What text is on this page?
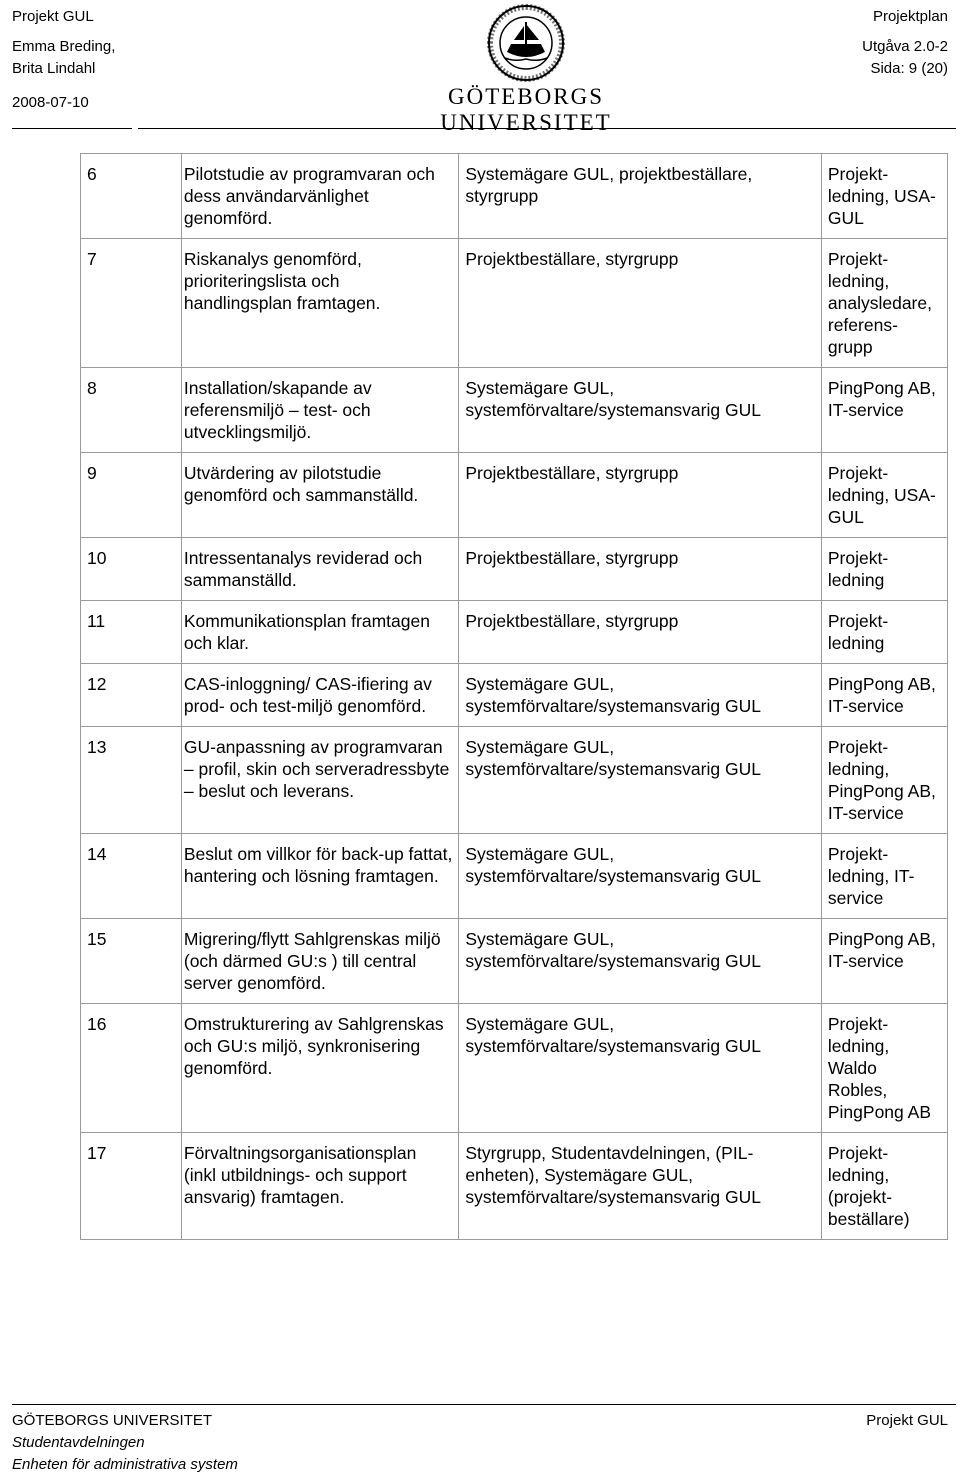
Projekt GUL
Emma Breding,
Brita Lindahl
2008-07-10	GÖTEBORGS UNIVERSITET
Projektplan
Utgåva 2.0-2
Sida: 9 (20)
6	Pilotstudie av programvaran och dess användarvänlighet genomförd.	Systemägare GUL, projektbeställare, styrgrupp	Projekt-ledning, USA-GUL
7	Riskanalys genomförd, prioriteringslista och handlingsplan framtagen.	Projektbeställare, styrgrupp	Projekt-ledning, analysledare, referens-grupp
8	Installation/skapande av referensmiljö – test- och utvecklingsmiljö.	Systemägare GUL, systemförvaltare/systemansvarig GUL	PingPong AB, IT-service
9	Utvärdering av pilotstudie genomförd och sammanställd.	Projektbeställare, styrgrupp	Projekt-ledning, USA-GUL
10	Intressentanalys reviderad och sammanställd.	Projektbeställare, styrgrupp	Projekt-ledning
11	Kommunikationsplan framtagen och klar.	Projektbeställare, styrgrupp	Projekt-ledning
12	CAS-inloggning/ CAS-ifiering av prod- och test-miljö genomförd.	Systemägare GUL, systemförvaltare/systemansvarig GUL	PingPong AB, IT-service
13	GU-anpassning av programvaran – profil, skin och serveradressbyte – beslut och leverans.	Systemägare GUL, systemförvaltare/systemansvarig GUL	Projekt-ledning, PingPong AB, IT-service
14	Beslut om villkor för back-up fattat, hantering och lösning framtagen.	Systemägare GUL, systemförvaltare/systemansvarig GUL	Projekt-ledning, IT-service
15	Migrering/flytt Sahlgrenskas miljö (och därmed GU:s ) till central server genomförd.	Systemägare GUL, systemförvaltare/systemansvarig GUL	PingPong AB, IT-service
16	Omstrukturering av Sahlgrenskas och GU:s miljö, synkronisering genomförd.	Systemägare GUL, systemförvaltare/systemansvarig GUL	Projekt-ledning, Waldo Robles, PingPong AB
17	Förvaltningsorganisationsplan (inkl utbildnings- och support ansvarig) framtagen.	Styrgrupp, Studentavdelningen, (PIL-enheten), Systemägare GUL, systemförvaltare/systemansvarig GUL	Projekt-ledning, (projekt-beställare)
GÖTEBORGS UNIVERSITET
Studentavdelningen
Enheten för administrativa system
Projekt GUL
